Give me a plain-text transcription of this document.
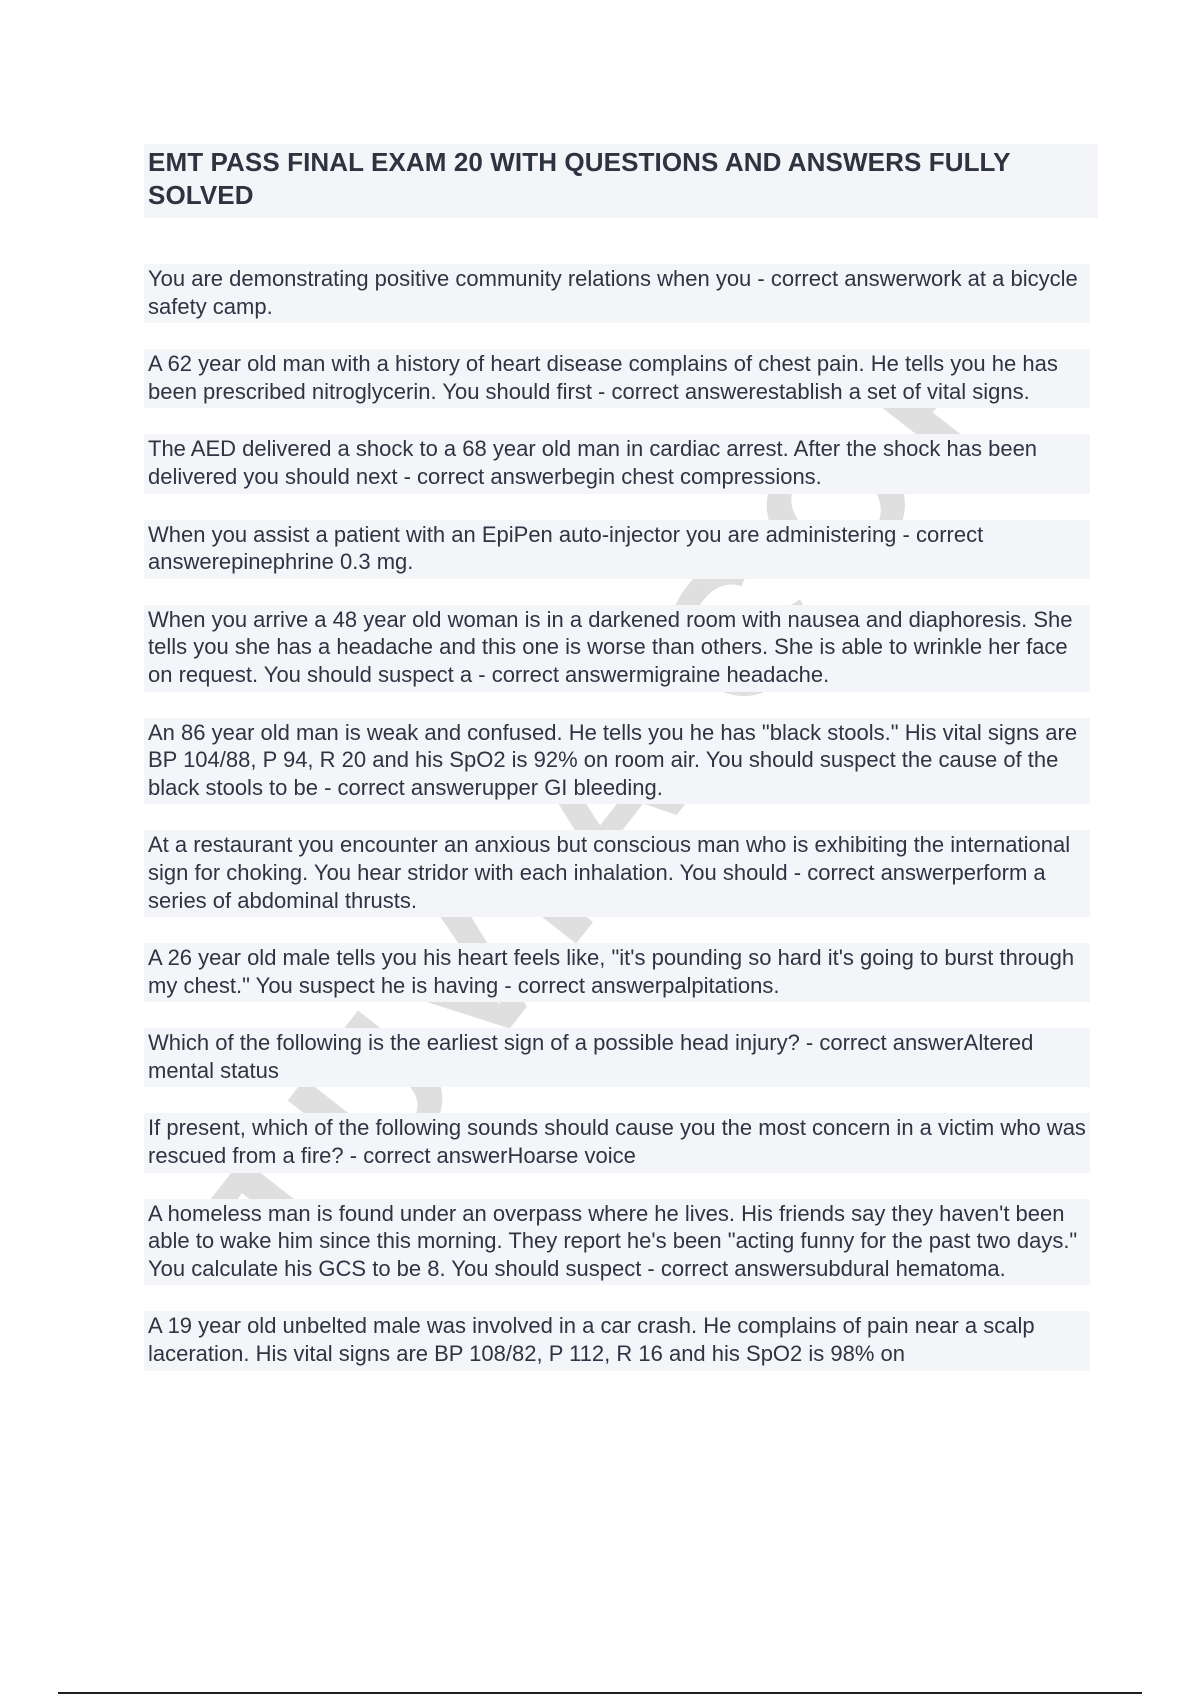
EMT PASS FINAL EXAM 20 WITH QUESTIONS AND ANSWERS FULLY SOLVED

You are demonstrating positive community relations when you - correct answerwork at a bicycle safety camp.

A 62 year old man with a history of heart disease complains of chest pain. He tells you he has been prescribed nitroglycerin. You should first - correct answerestablish a set of vital signs.

The AED delivered a shock to a 68 year old man in cardiac arrest. After the shock has been delivered you should next - correct answerbegin chest compressions.

When you assist a patient with an EpiPen auto-injector you are administering - correct answerepinephrine 0.3 mg.

When you arrive a 48 year old woman is in a darkened room with nausea and diaphoresis. She tells you she has a headache and this one is worse than others. She is able to wrinkle her face on request. You should suspect a - correct answermigraine headache.

An 86 year old man is weak and confused. He tells you he has "black stools." His vital signs are BP 104/88, P 94, R 20 and his SpO2 is 92% on room air. You should suspect the cause of the black stools to be - correct answerupper GI bleeding.

At a restaurant you encounter an anxious but conscious man who is exhibiting the international sign for choking. You hear stridor with each inhalation. You should - correct answerperform a series of abdominal thrusts.

A 26 year old male tells you his heart feels like, "it's pounding so hard it's going to burst through my chest." You suspect he is having - correct answerpalpitations.

Which of the following is the earliest sign of a possible head injury? - correct answerAltered mental status

If present, which of the following sounds should cause you the most concern in a victim who was rescued from a fire? - correct answerHoarse voice

A homeless man is found under an overpass where he lives. His friends say they haven't been able to wake him since this morning. They report he's been "acting funny for the past two days." You calculate his GCS to be 8. You should suspect - correct answersubdural hematoma.

A 19 year old unbelted male was involved in a car crash. He complains of pain near a scalp laceration. His vital signs are BP 108/82, P 112, R 16 and his SpO2 is 98% on
